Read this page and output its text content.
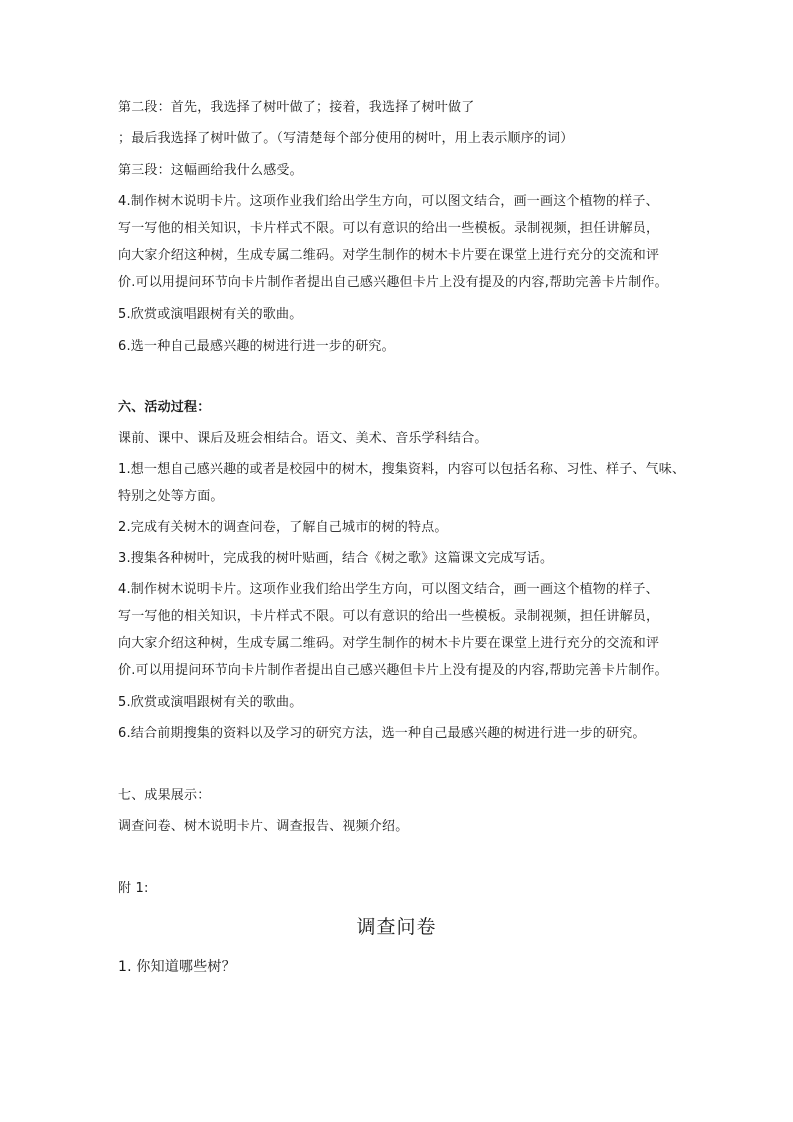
第二段：首先，我选择了树叶做了；接着，我选择了树叶做了
；最后我选择了树叶做了。（写清楚每个部分使用的树叶，用上表示顺序的词）
第三段：这幅画给我什么感受。
4.制作树木说明卡片。这项作业我们给出学生方向，可以图文结合，画一画这个植物的样子、
写一写他的相关知识，卡片样式不限。可以有意识的给出一些模板。录制视频，担任讲解员，
向大家介绍这种树，生成专属二维码。对学生制作的树木卡片要在课堂上进行充分的交流和评
价.可以用提问环节向卡片制作者提出自己感兴趣但卡片上没有提及的内容,帮助完善卡片制作。
5.欣赏或演唱跟树有关的歌曲。
6.选一种自己最感兴趣的树进行进一步的研究。
六、活动过程：
课前、课中、课后及班会相结合。语文、美术、音乐学科结合。
1.想一想自己感兴趣的或者是校园中的树木，搜集资料，内容可以包括名称、习性、样子、气味、
特别之处等方面。
2.完成有关树木的调查问卷，了解自己城市的树的特点。
3.搜集各种树叶，完成我的树叶贴画，结合《树之歌》这篇课文完成写话。
4.制作树木说明卡片。这项作业我们给出学生方向，可以图文结合，画一画这个植物的样子、
写一写他的相关知识，卡片样式不限。可以有意识的给出一些模板。录制视频，担任讲解员，
向大家介绍这种树，生成专属二维码。对学生制作的树木卡片要在课堂上进行充分的交流和评
价.可以用提问环节向卡片制作者提出自己感兴趣但卡片上没有提及的内容,帮助完善卡片制作。
5.欣赏或演唱跟树有关的歌曲。
6.结合前期搜集的资料以及学习的研究方法，选一种自己最感兴趣的树进行进一步的研究。
七、成果展示：
调查问卷、树木说明卡片、调查报告、视频介绍。
附 1:
调查问卷
1. 你知道哪些树？
